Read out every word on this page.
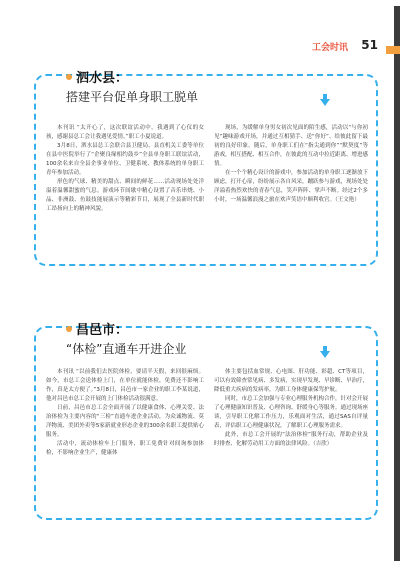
工会时讯 51
泗水县：
搭建平台促单身职工脱单

本刊讯 “太开心了，这次联谊活动中，我遇到了心仪的女孩，感谢县总工会让我遇见爱情。”职工小夏说道。

3月8日，泗水县总工会联合县卫健局、县直机关工委等单位在县中医院举行了“企聚良缘相约鼓乡”全县单身职工联谊活动，100余名来自全县企事业单位、卫健系统、教体系统的单身职工青年参加活动。

形色的气球、精美的甜点、瞬间的鲜花……活动现场处处洋溢着温馨甜蜜的气息。游戏环节间歇中精心设置了音乐串烧、小品、非洲鼓、鱼鼓技能展演示等精彩节目，展现了全县新时代职工昂扬向上的精神风貌。

现场，为缓解单身男女初次见面的陌生感，活动以“与你初见”趣味游戏开场，并通过互相猜手、送“你好”、给彼此留下最初的良好印象。随后，单身职工们在“指尖通到你”“默契度”等游戏，相互搭配、相互合作，在彼此的互动中拉近距离、增进感情。

在一个个精心设计的游戏中，参加活动的单身职工逐渐放下顾虑，打开心扉，纷纷展示各自风采，蹦跃参与游戏，现场处处洋溢着热烈欢快的青春气息，笑声阵阵、掌声不断。经过2个多小时，一场温馨浪漫之旅在欢声笑语中顺利收官。（王文艳）

昌邑市：
“体检”直通车开进企业

本刊讯 “以前我们去医院体检，要请半天假，来回很麻烦。如今，市总工会送体检上门，在单位就能体检，免费还不影响工作，真是太方便了。”3月8日，昌邑市一家企业的职工李某说道，他对昌邑市总工会开展的上门体检活动很满意。

日前，昌邑市总工会全面开展了以健康食体、心理关爱、法治体检为主要内容的“三检”直通车进企业活动，为众诚物流、莫洋物流、美团外卖等5家新就业形态企业的300余名职工提供贴心服务。

活动中，流动体检车上门服务，职工免费针对间询参加体检，不影响企业生产，健康体

体主要包括血常规、心电图、肝功能、彩超、CT等项目，可以有效筛查常见病、多发病，实现早发现、早诊断、早治疗，降低重大疾病的发病率，为职工身体健康保驾护航。

同时，市总工会加强与专业心理服务机构合作，针对会开展了心理健康知识普及、心理咨询、舒缓身心等服务。通过现场座谈，引导职工化解工作压力，乐观面对生活，通过SAS自评量表，评估职工心理健康状况，了解职工心理服务需求。

此外，市总工会开展的“法治体检”服务行动，帮助企业及时排查、化解劳动用工方面的法律风险。（吉欣）
